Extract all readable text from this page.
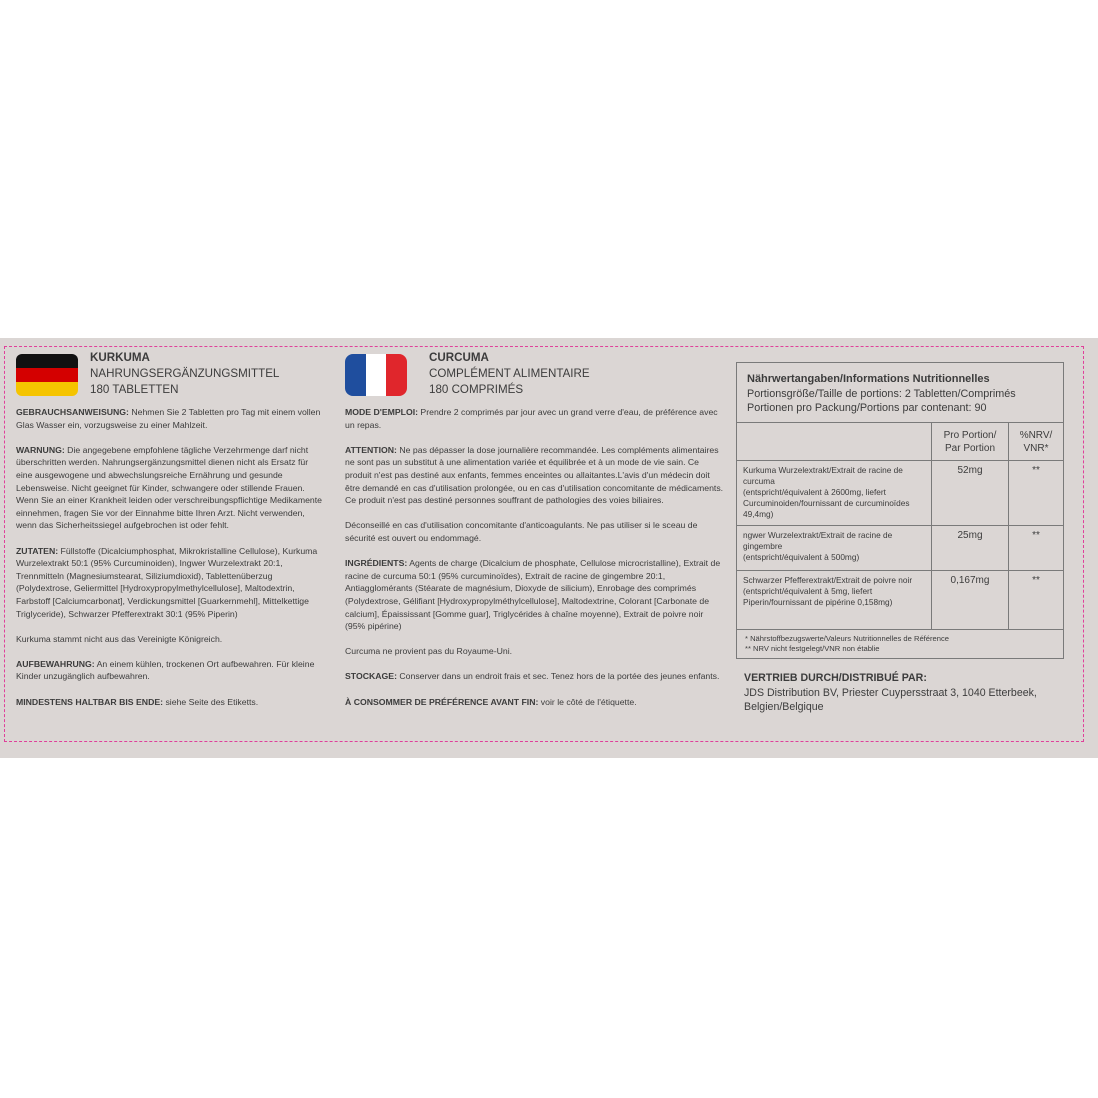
KURKUMA
NAHRUNGSERGÄNZUNGSMITTEL
180 TABLETTEN

GEBRAUCHSANWEISUNG: Nehmen Sie 2 Tabletten pro Tag mit einem vollen Glas Wasser ein, vorzugsweise zu einer Mahlzeit.

WARNUNG: Die angegebene empfohlene tägliche Verzehrmenge darf nicht überschritten werden. Nahrungsergänzungsmittel dienen nicht als Ersatz für eine ausgewogene und abwechslungsreiche Ernährung und gesunde Lebensweise. Nicht geeignet für Kinder, schwangere oder stillende Frauen. Wenn Sie an einer Krankheit leiden oder verschreibungspflichtige Medikamente einnehmen, fragen Sie vor der Einnahme bitte Ihren Arzt. Nicht verwenden, wenn das Sicherheitssiegel aufgebrochen ist oder fehlt.

ZUTATEN: Füllstoffe (Dicalciumphosphat, Mikrokristalline Cellulose), Kurkuma Wurzelextrakt 50:1 (95% Curcuminoiden), Ingwer Wurzelextrakt 20:1, Trennmitteln (Magnesiumstearat, Siliziumdioxid), Tablettenüberzug (Polydextrose, Geliermittel [Hydroxypropylmethylcellulose], Maltodextrin, Farbstoff [Calciumcarbonat], Verdickungsmittel [Guarkernmehl], Mittelkettige Triglyceride), Schwarzer Pfefferextrakt 30:1 (95% Piperin)

Kurkuma stammt nicht aus das Vereinigte Königreich.

AUFBEWAHRUNG: An einem kühlen, trockenen Ort aufbewahren. Für kleine Kinder unzugänglich aufbewahren.

MINDESTENS HALTBAR BIS ENDE: siehe Seite des Etiketts.

CURCUMA
COMPLÉMENT ALIMENTAIRE
180 COMPRIMÉS

MODE D'EMPLOI: Prendre 2 comprimés par jour avec un grand verre d'eau, de préférence avec un repas.

ATTENTION: Ne pas dépasser la dose journalière recommandée. Les compléments alimentaires ne sont pas un substitut à une alimentation variée et équilibrée et à un mode de vie sain. Ce produit n'est pas destiné aux enfants, femmes enceintes ou allaitantes.L'avis d'un médecin doit être demandé en cas d'utilisation prolongée, ou en cas d'utilisation concomitante de médicaments. Ce produit n'est pas destiné personnes souffrant de pathologies des voies biliaires.

Déconseillé en cas d'utilisation concomitante d'anticoagulants. Ne pas utiliser si le sceau de sécurité est ouvert ou endommagé.

INGRÉDIENTS: Agents de charge (Dicalcium de phosphate, Cellulose microcristalline), Extrait de racine de curcuma 50:1 (95% curcuminoïdes), Extrait de racine de gingembre 20:1, Antiagglomérants (Stéarate de magnésium, Dioxyde de silicium), Enrobage des comprimés (Polydextrose, Gélifiant [Hydroxypropylméthylcellulose], Maltodextrine, Colorant [Carbonate de calcium], Épaississant [Gomme guar], Triglycérides à chaîne moyenne), Extrait de poivre noir (95% pipérine)

Curcuma ne provient pas du Royaume-Uni.

STOCKAGE: Conserver dans un endroit frais et sec. Tenez hors de la portée des jeunes enfants.

À CONSOMMER DE PRÉFÉRENCE AVANT FIN: voir le côté de l'étiquette.

Nährwertangaben/Informations Nutritionnelles
Portionsgröße/Taille de portions: 2 Tabletten/Comprimés
Portionen pro Packung/Portions par contenant: 90
	Pro Portion/ Par Portion	%NRV/ VNR*

Kurkuma Wurzelextrakt/Extrait de racine de curcuma
(entspricht/équivalent à 2600mg, liefert Curcuminoiden/fournissant de curcuminoïdes 49,4mg)	52mg	**

ngwer Wurzelextrakt/Extrait de racine de gingembre
(entspricht/équivalent à 500mg)	25mg	**

Schwarzer Pfefferextrakt/Extrait de poivre noir
(entspricht/équivalent à 5mg, liefert Piperin/fournissant de pipérine 0,158mg)	0,167mg	**
* Nährstoffbezugswerte/Valeurs Nutritionnelles de Référence
** NRV nicht festgelegt/VNR non établie
VERTRIEB DURCH/DISTRIBUÉ PAR:
JDS Distribution BV, Priester Cuypersstraat 3, 1040 Etterbeek, Belgien/Belgique
